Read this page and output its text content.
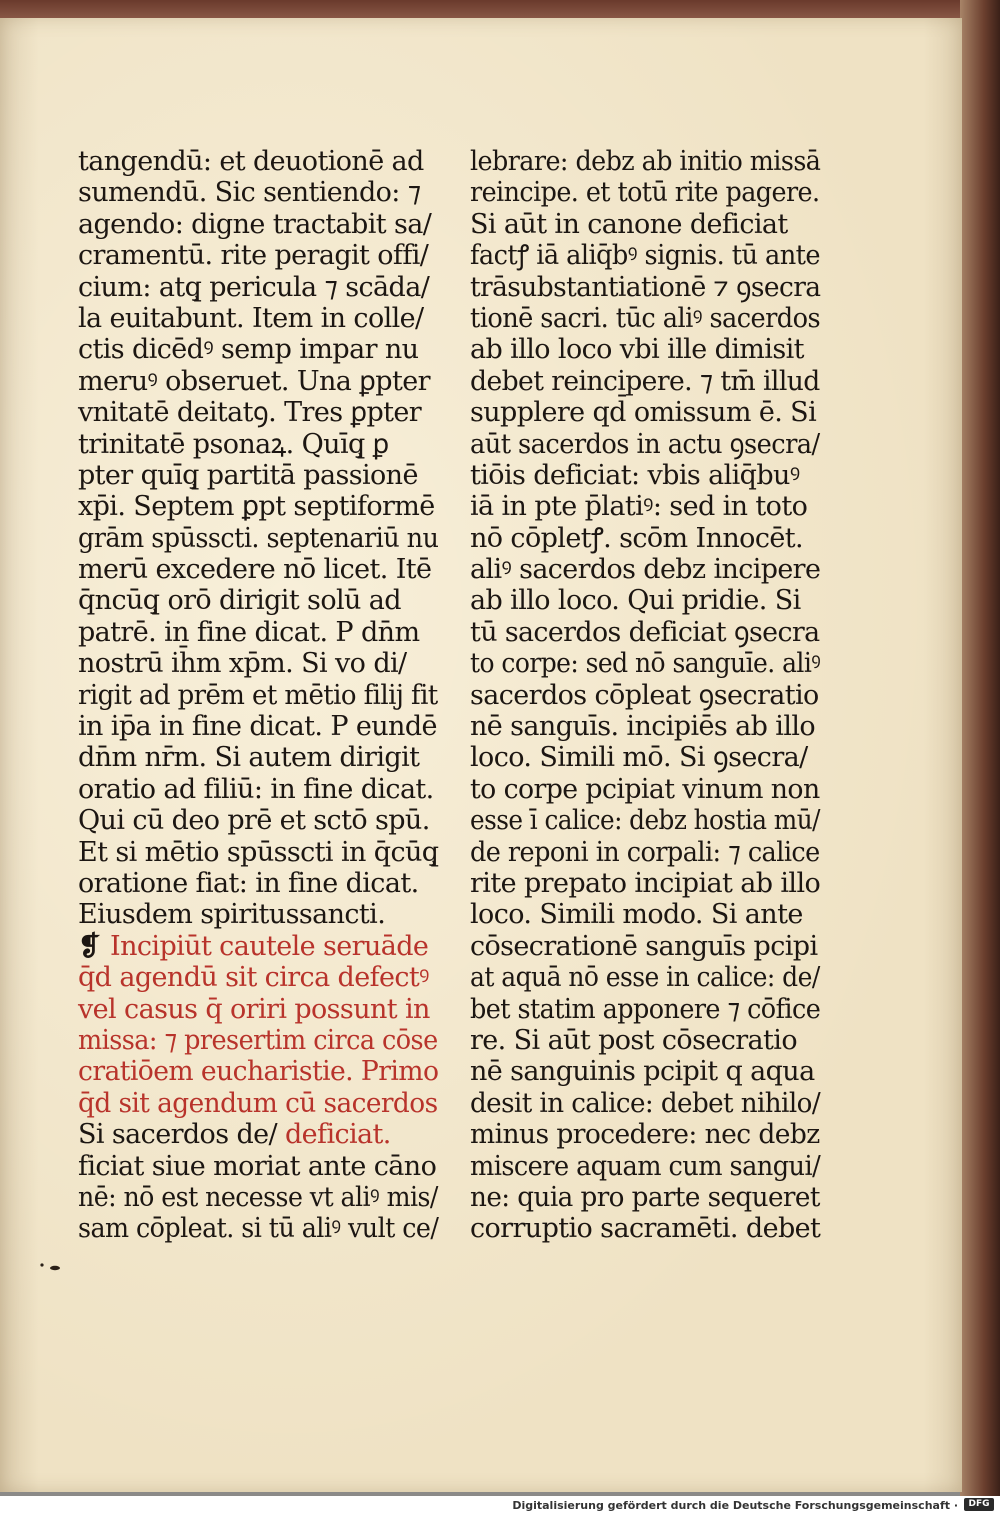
tangendū: et deuotionē ad
sumendū. Sic sentiendo: ⁊
agendo: digne tractabit sa/
cramentū. rite peragit offi/
cium: atq̧ pericula ⁊ scāda/
la euitabunt. Item in colle/
ctis dicēdꝰ semp impar nu
meruꝰ obseruet. Una ꝑpter
vnitatē deitatꝯ. Tres ꝑpter
trinitatē psonaꝝ. Quīq̧ ꝑ
pter quīq̧ partitā passionē
xp̄i. Septem ꝑpt septiformē
grām spūsscti. septenariū nu
merū excedere nō licet. Itē
q̄ncūq̧ orō dirigit solū ad
patrē. in fine dicat. P dn̄m
nostrū ih̄m xp̄m. Si vo di/
rigit ad prēm et mētio filij fit
in ip̄a in fine dicat. P eundē
dn̄m nr̄m. Si autem dirigit
oratio ad filiū: in fine dicat.
Qui cū deo prē et sctō spū.
Et si mētio spūsscti in q̄cūq̧
oratione fiat: in fine dicat.
Eiusdem spiritussancti.
❡ Incipiūt cautele seruāde
q̄d agendū sit circa defectꝰ
vel casus q̄ oriri possunt in
missa: ⁊ presertim circa cōse
cratiōem eucharistie. Primo
q̄d sit agendum cū sacerdos
Si sacerdos de/ deficiat.
ficiat siue moriat ante cāno
nē: nō est necesse vt aliꝰ mis/
sam cōpleat. si tū aliꝰ vult ce/
lebrare: debz ab initio missā
reincipe. et totū rite pagere.
Si aūt in canone deficiat
factꝭ iā aliq̄bꝰ signis. tū ante
trāsubstantiationē ⁊ ꝯsecra
tionē sacri. tūc aliꝰ sacerdos
ab illo loco vbi ille dimisit
debet reincipere. ⁊ tm̄ illud
supplere qd̄ omissum ē. Si
aūt sacerdos in actu ꝯsecra/
tiōis deficiat: vbis aliq̄buꝰ
iā in pte p̄latiꝰ: sed in toto
nō cōpletꝭ. scōm Innocēt.
aliꝰ sacerdos debz incipere
ab illo loco. Qui pridie. Si
tū sacerdos deficiat ꝯsecra
to corpe: sed nō sanguīe. aliꝰ
sacerdos cōpleat ꝯsecratio
nē sanguīs. incipiēs ab illo
loco. Simili mō. Si ꝯsecra/
to corpe pcipiat vinum non
esse ī calice: debz hostia mū/
de reponi in corpali: ⁊ calice
rite prepato incipiat ab illo
loco. Simili modo. Si ante
cōsecrationē sanguīs pcipi
at aquā nō esse in calice: de/
bet statim apponere ⁊ cōfice
re. Si aūt post cōsecratio
nē sanguinis pcipit q aqua
desit in calice: debet nihilo/
minus procedere: nec debz
miscere aquam cum sangui/
ne: quia pro parte sequeret
corruptio sacramēti. debet
Digitalisierung gefördert durch die Deutsche Forschungsgemeinschaft ·	DFG
